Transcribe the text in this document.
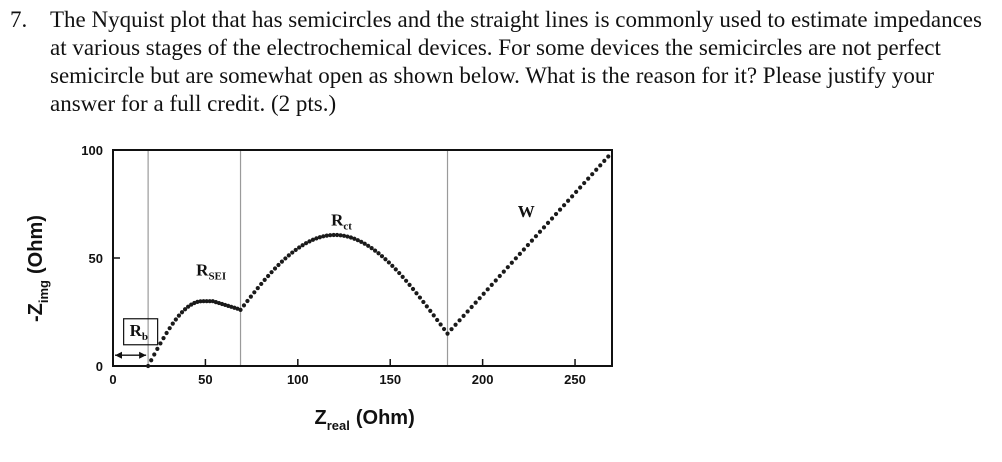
7. The Nyquist plot that has semicircles and the straight lines is commonly used to estimate impedances at various stages of the electrochemical devices. For some devices the semicircles are not perfect semicircle but are somewhat open as shown below. What is the reason for it? Please justify your answer for a full credit. (2 pts.)
$R_b$
$R_{SEI}$
$R_{ct}$
W
0	50	100	150	200	250
0
50
100
$Z_{real}$ (Ohm)
$-Z_{img}(Ohm)$
